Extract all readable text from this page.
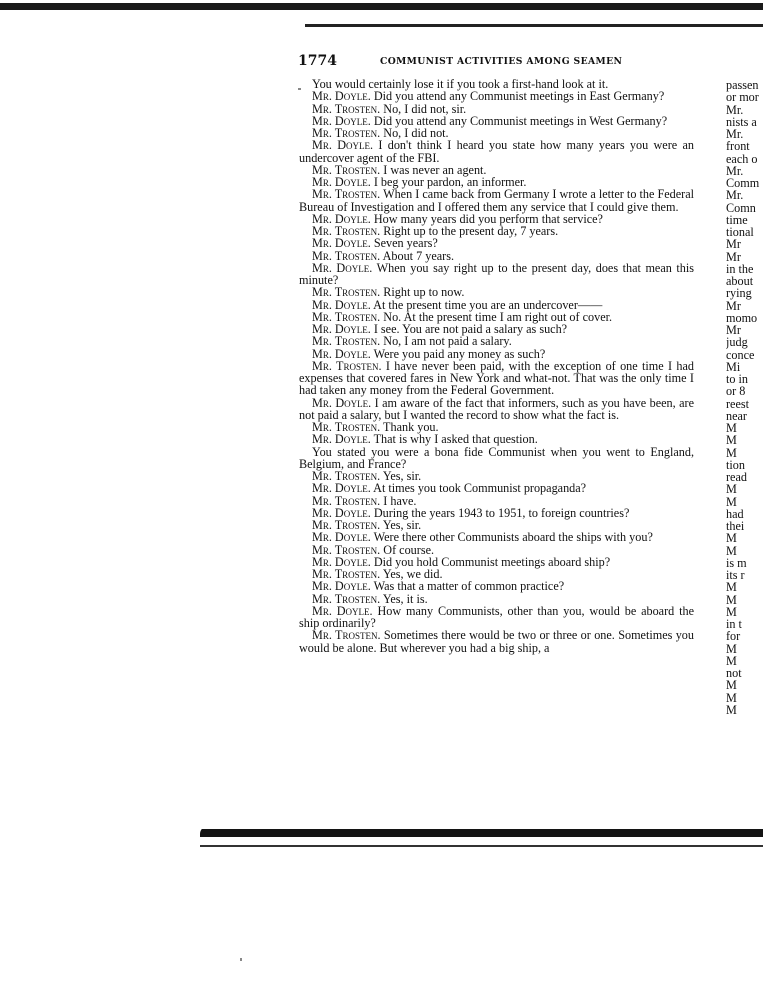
1774	COMMUNIST ACTIVITIES AMONG SEAMEN

You would certainly lose it if you took a first-hand look at it.

Mr. Doyle. Did you attend any Communist meetings in East Germany?

Mr. Trosten. No, I did not, sir.

Mr. Doyle. Did you attend any Communist meetings in West Germany?

Mr. Trosten. No, I did not.

Mr. Doyle. I don't think I heard you state how many years you were an undercover agent of the FBI.

Mr. Trosten. I was never an agent.

Mr. Doyle. I beg your pardon, an informer.

Mr. Trosten. When I came back from Germany I wrote a letter to the Federal Bureau of Investigation and I offered them any service that I could give them.

Mr. Doyle. How many years did you perform that service?

Mr. Trosten. Right up to the present day, 7 years.

Mr. Doyle. Seven years?

Mr. Trosten. About 7 years.

Mr. Doyle. When you say right up to the present day, does that mean this minute?

Mr. Trosten. Right up to now.

Mr. Doyle. At the present time you are an undercover——

Mr. Trosten. No. At the present time I am right out of cover.

Mr. Doyle. I see. You are not paid a salary as such?

Mr. Trosten. No, I am not paid a salary.

Mr. Doyle. Were you paid any money as such?

Mr. Trosten. I have never been paid, with the exception of one time I had expenses that covered fares in New York and what-not. That was the only time I had taken any money from the Federal Government.

Mr. Doyle. I am aware of the fact that informers, such as you have been, are not paid a salary, but I wanted the record to show what the fact is.

Mr. Trosten. Thank you.

Mr. Doyle. That is why I asked that question.

You stated you were a bona fide Communist when you went to England, Belgium, and France?

Mr. Trosten. Yes, sir.

Mr. Doyle. At times you took Communist propaganda?

Mr. Trosten. I have.

Mr. Doyle. During the years 1943 to 1951, to foreign countries?

Mr. Trosten. Yes, sir.

Mr. Doyle. Were there other Communists aboard the ships with you?

Mr. Trosten. Of course.

Mr. Doyle. Did you hold Communist meetings aboard ship?

Mr. Trosten. Yes, we did.

Mr. Doyle. Was that a matter of common practice?

Mr. Trosten. Yes, it is.

Mr. Doyle. How many Communists, other than you, would be aboard the ship ordinarily?

Mr. Trosten. Sometimes there would be two or three or one. Sometimes you would be alone. But wherever you had a big ship, a

passen
or mor
Mr.
nists a
Mr.
front
each o
Mr.
Comm
Mr.
Comn
time
tional
Mr
Mr
in the
about
rying
Mr
momo
Mr
judg
conce
Mi
to in
or 8
reest
near
M
M
M
tion
read
M
M
had
thei
M
M
is m
its r
M
M
M
in t
for
M
M
not
M
M
M
